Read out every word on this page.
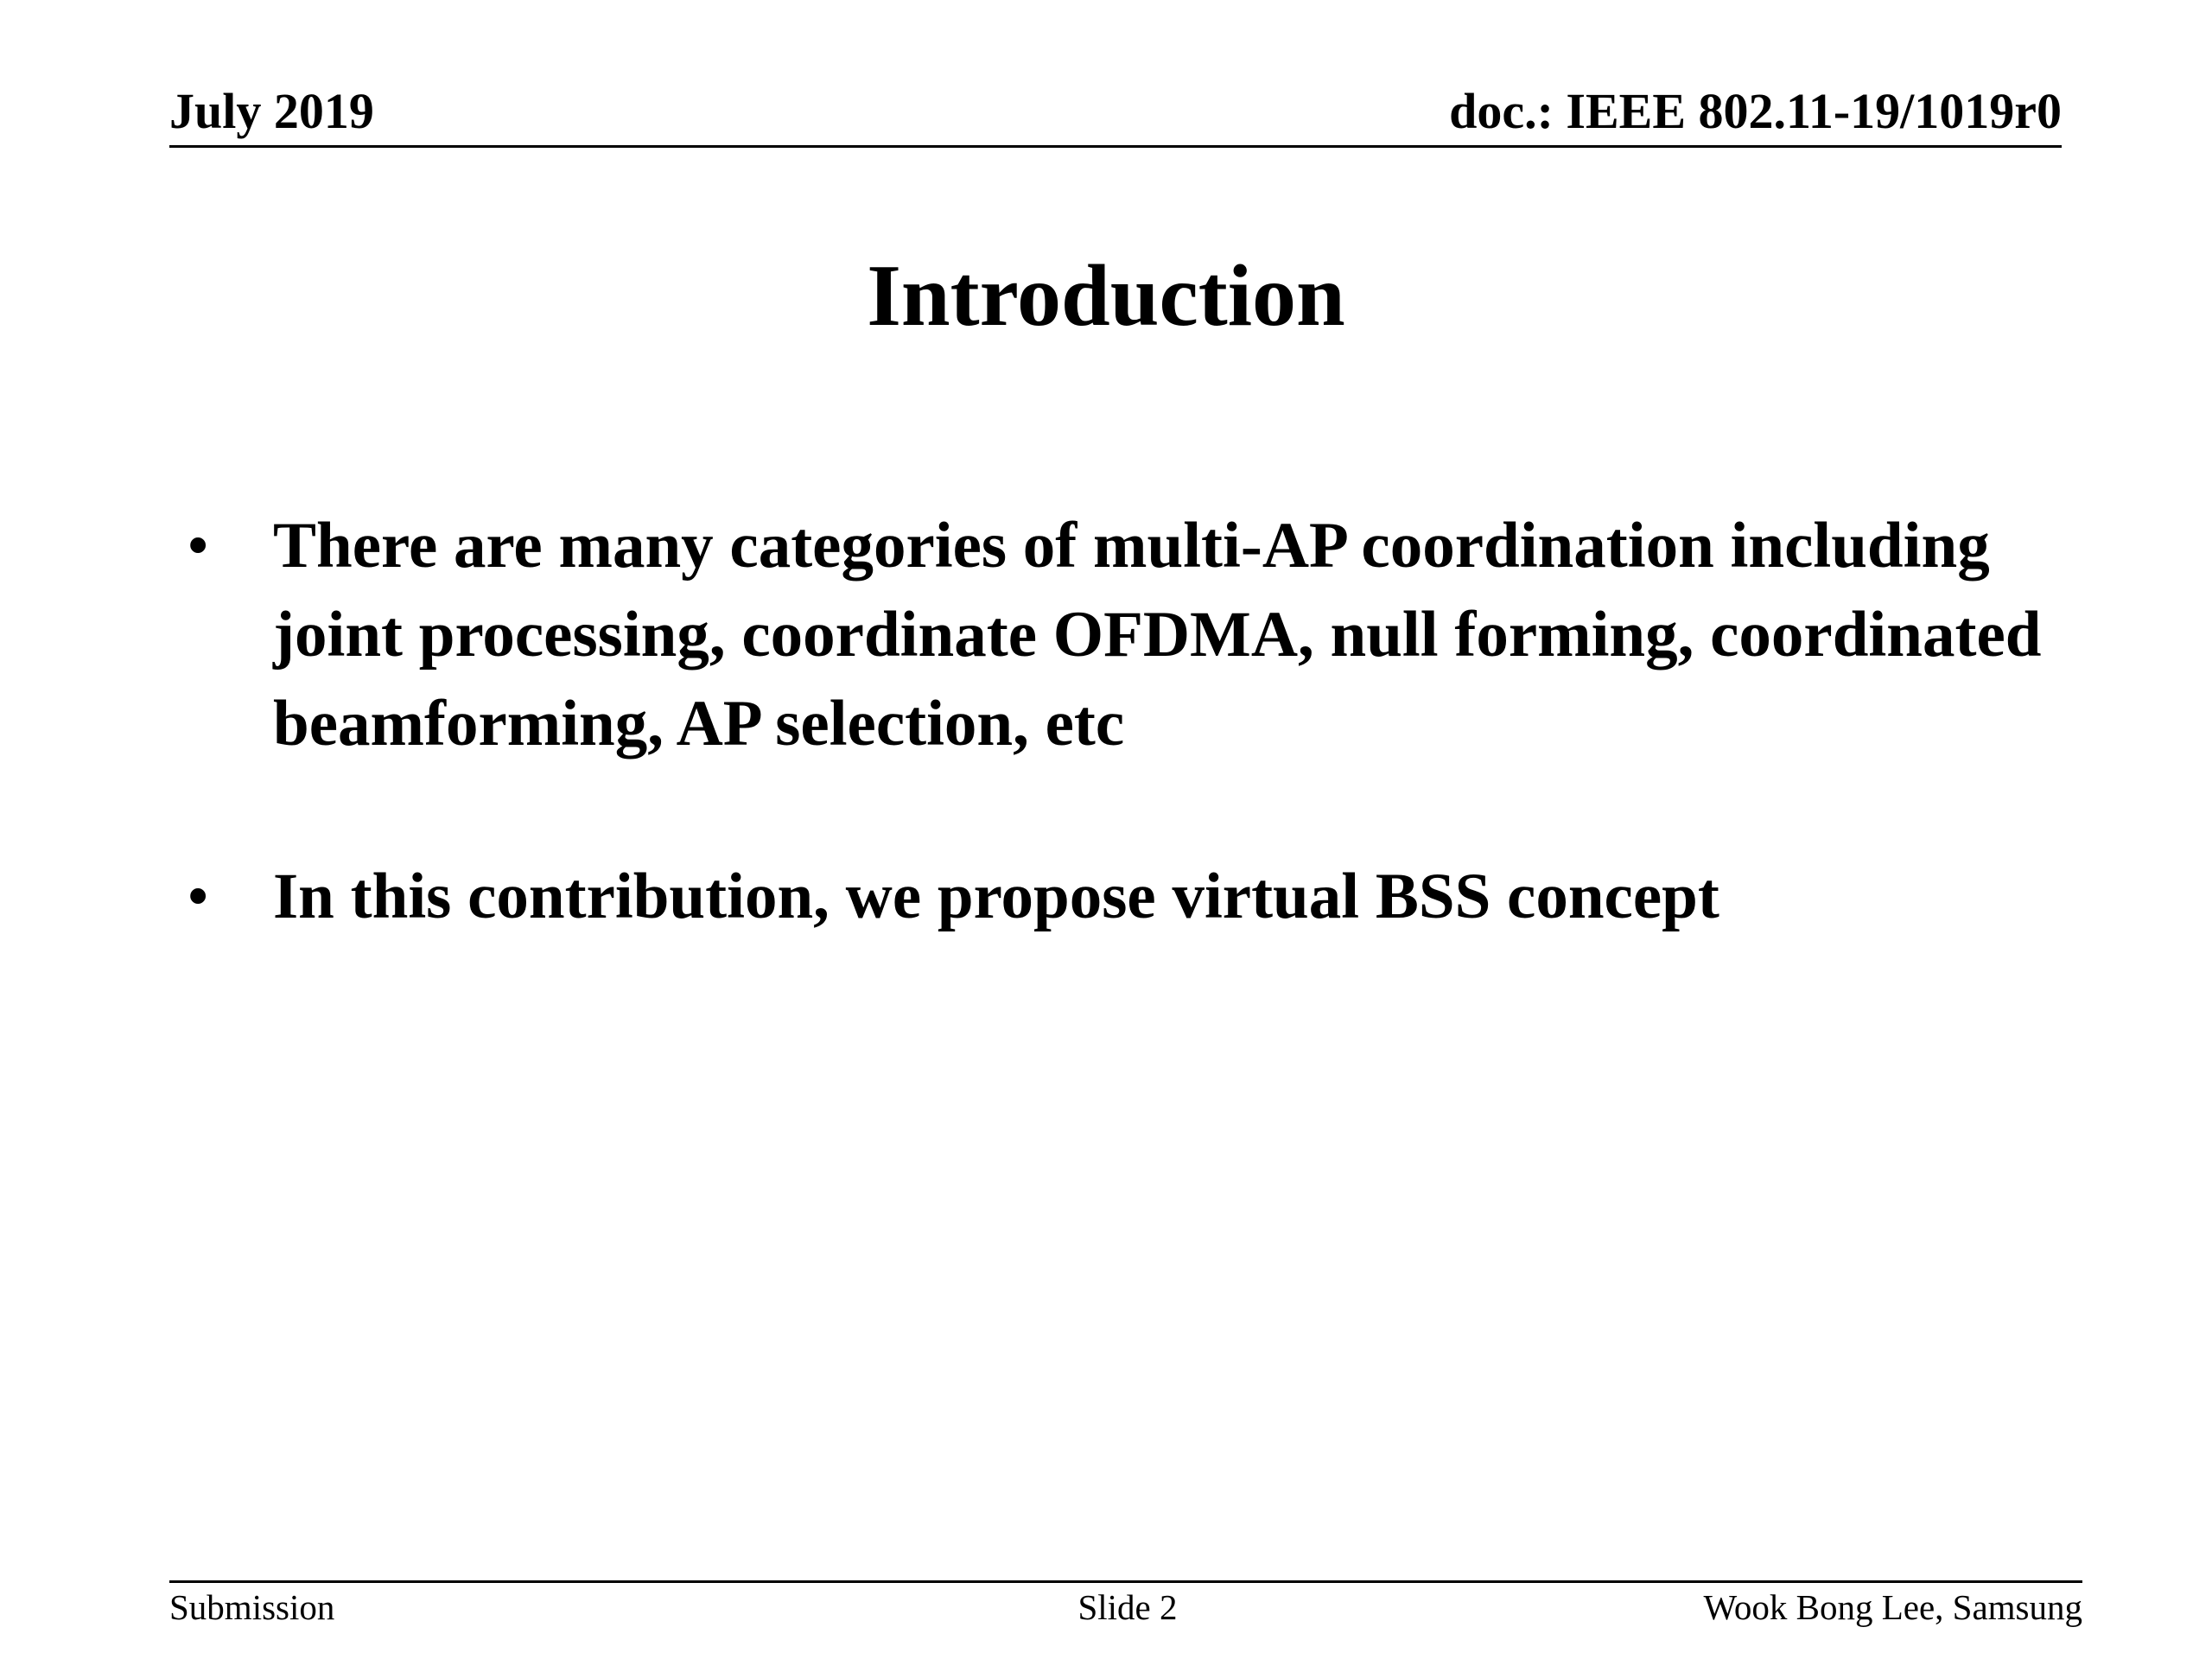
July 2019	doc.: IEEE 802.11-19/1019r0
Introduction
• There are many categories of multi-AP coordination including joint processing, coordinate OFDMA, null forming, coordinated beamforming, AP selection, etc
• In this contribution, we propose virtual BSS concept
Submission	Slide 2	Wook Bong Lee, Samsung
